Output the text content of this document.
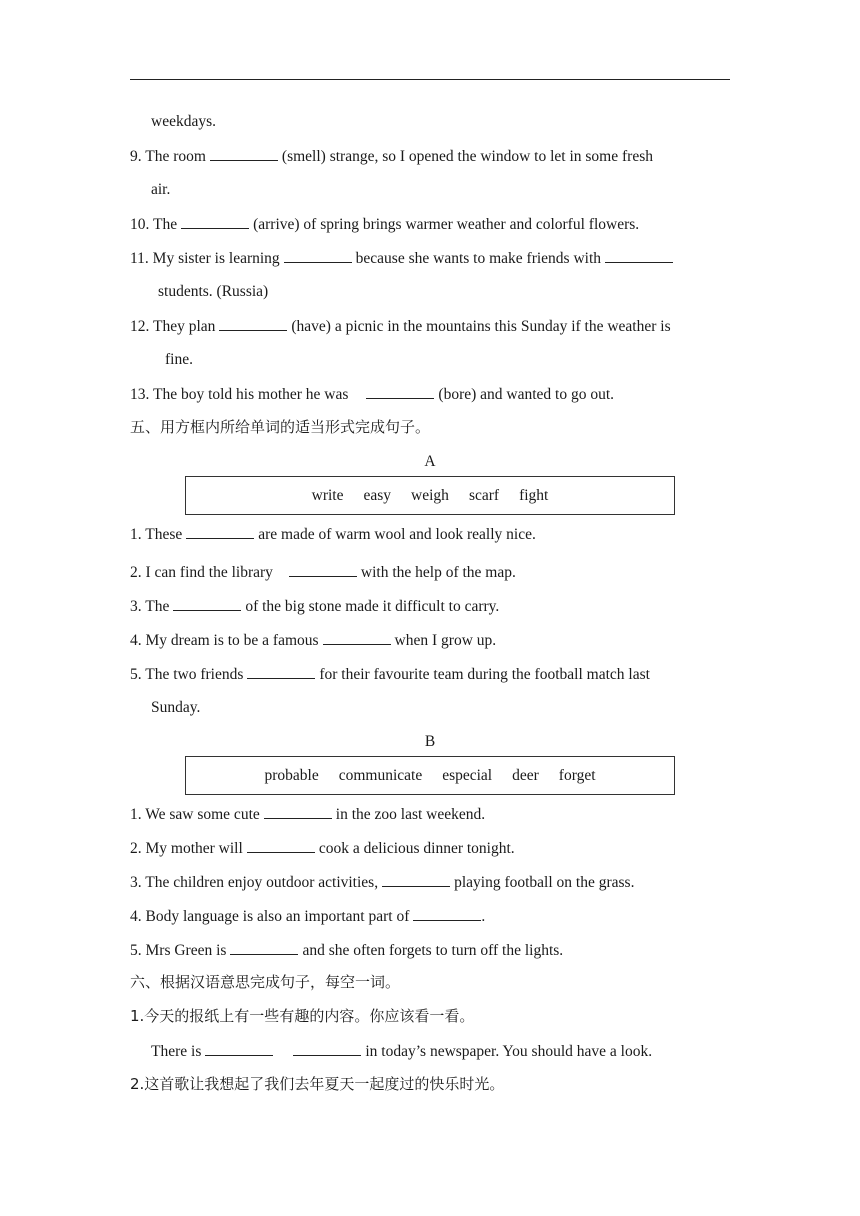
weekdays.
9. The room	(smell) strange, so I opened the window to let in some fresh
air.
10. The	(arrive) of spring brings warmer weather and colorful flowers.
11. My sister is learning	because she wants to make friends with
students. (Russia)
12. They plan	(have) a picnic in the mountains this Sunday if the weather is
fine.
13. The boy told his mother he was	(bore) and wanted to go out.
五、用方框内所给单词的适当形式完成句子。
A
write easy weigh scarf fight
1. These	are made of warm wool and look really nice.
2. I can find the library	with the help of the map.
3. The	of the big stone made it difficult to carry.
4. My dream is to be a famous	when I grow up.
5. The two friends	for their favourite team during the football match last
Sunday.
B
probable communicate especial deer forget
1. We saw some cute	in the zoo last weekend.
2. My mother will	cook a delicious dinner tonight.
3. The children enjoy outdoor activities,	playing football on the grass.
4. Body language is also an important part of	.
5. Mrs Green is	and she often forgets to turn off the lights.
六、根据汉语意思完成句子，每空一词。
1.今天的报纸上有一些有趣的内容。你应该看一看。
There is	in today’s newspaper. You should have a look.
2.这首歌让我想起了我们去年夏天一起度过的快乐时光。
